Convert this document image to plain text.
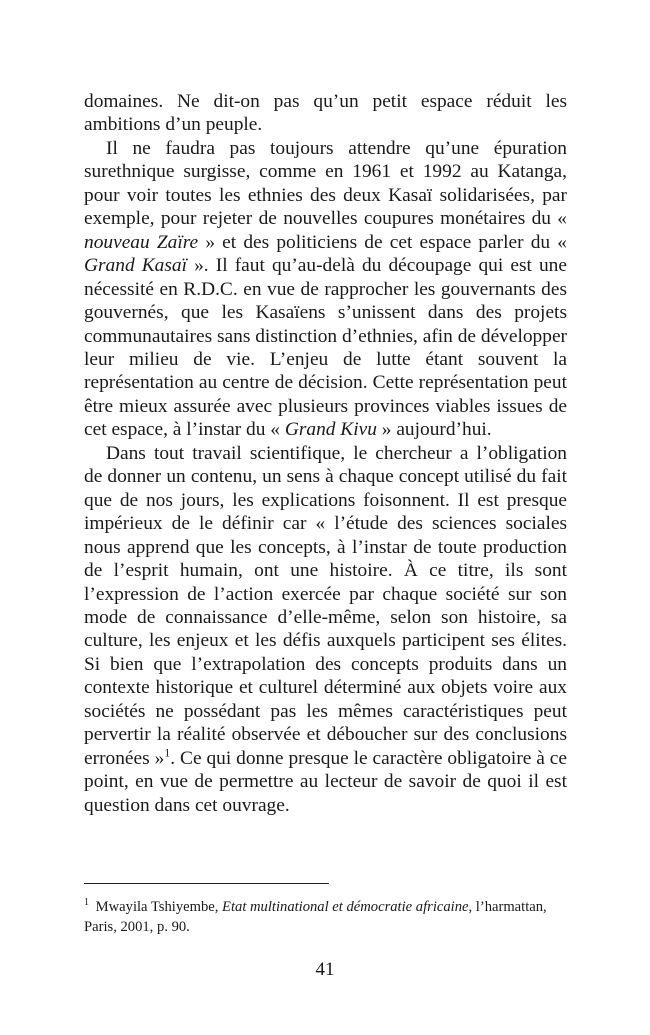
domaines. Ne dit-on pas qu’un petit espace réduit les ambitions d’un peuple.

Il ne faudra pas toujours attendre qu’une épuration surethnique surgisse, comme en 1961 et 1992 au Katanga, pour voir toutes les ethnies des deux Kasaï solidarisées, par exemple, pour rejeter de nouvelles coupures monétaires du « nouveau Zaïre » et des politiciens de cet espace parler du « Grand Kasaï ». Il faut qu’au-delà du découpage qui est une nécessité en R.D.C. en vue de rapprocher les gouvernants des gouvernés, que les Kasaïens s’unissent dans des projets communautaires sans distinction d’ethnies, afin de développer leur milieu de vie. L’enjeu de lutte étant souvent la représentation au centre de décision. Cette représentation peut être mieux assurée avec plusieurs provinces viables issues de cet espace, à l’instar du « Grand Kivu » aujourd’hui.

Dans tout travail scientifique, le chercheur a l’obligation de donner un contenu, un sens à chaque concept utilisé du fait que de nos jours, les explications foisonnent. Il est presque impérieux de le définir car « l’étude des sciences sociales nous apprend que les concepts, à l’instar de toute production de l’esprit humain, ont une histoire. À ce titre, ils sont l’expression de l’action exercée par chaque société sur son mode de connaissance d’elle-même, selon son histoire, sa culture, les enjeux et les défis auxquels participent ses élites. Si bien que l’extrapolation des concepts produits dans un contexte historique et culturel déterminé aux objets voire aux sociétés ne possédant pas les mêmes caractéristiques peut pervertir la réalité observée et déboucher sur des conclusions erronées »$^1$. Ce qui donne presque le caractère obligatoire à ce point, en vue de permettre au lecteur de savoir de quoi il est question dans cet ouvrage.

$^1$ Mwayila Tshiyembe, Etat multinational et démocratie africaine, l’harmattan, Paris, 2001, p. 90.
41
